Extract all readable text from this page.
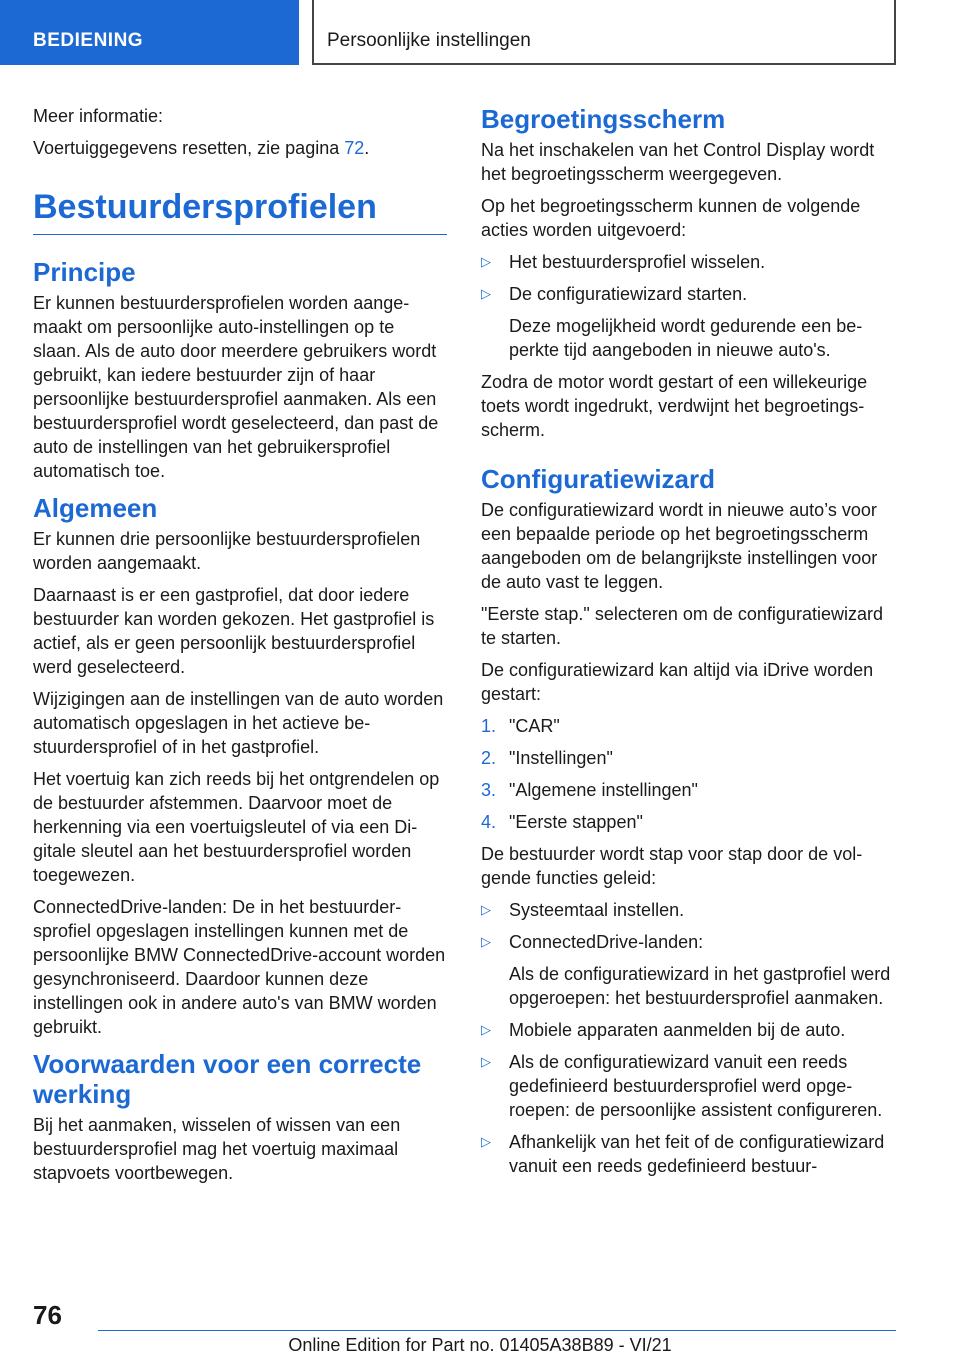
BEDIENING	Persoonlijke instellingen

Meer informatie:

Voertuiggegevens resetten, zie pagina 72.

Bestuurdersprofielen
Principe

Er kunnen bestuurdersprofielen worden aangemaakt om persoonlijke auto-instellingen op te slaan. Als de auto door meerdere gebruikers wordt gebruikt, kan iedere bestuurder zijn of haar persoonlijke bestuurdersprofiel aanmaken. Als een bestuurdersprofiel wordt geselecteerd, dan past de auto de instellingen van het gebruikersprofiel automatisch toe.

Algemeen

Er kunnen drie persoonlijke bestuurdersprofielen worden aangemaakt.

Daarnaast is er een gastprofiel, dat door iedere bestuurder kan worden gekozen. Het gastprofiel is actief, als er geen persoonlijk bestuurdersprofiel werd geselecteerd.

Wijzigingen aan de instellingen van de auto worden automatisch opgeslagen in het actieve bestuurdersprofiel of in het gastprofiel.

Het voertuig kan zich reeds bij het ontgrendelen op de bestuurder afstemmen. Daarvoor moet de herkenning via een voertuigsleutel of via een Digitale sleutel aan het bestuurdersprofiel worden toegewezen.

ConnectedDrive-landen: De in het bestuurdersprofiel opgeslagen instellingen kunnen met de persoonlijke BMW ConnectedDrive-account worden gesynchroniseerd. Daardoor kunnen deze instellingen ook in andere auto's van BMW worden gebruikt.

Voorwaarden voor een correcte werking

Bij het aanmaken, wisselen of wissen van een bestuurdersprofiel mag het voertuig maximaal stapvoets voortbewegen.

Begroetingsscherm

Na het inschakelen van het Control Display wordt het begroetingsscherm weergegeven.

Op het begroetingsscherm kunnen de volgende acties worden uitgevoerd:

▷ Het bestuurdersprofiel wisselen.
▷ De configuratiewizard starten.
Deze mogelijkheid wordt gedurende een beperkte tijd aangeboden in nieuwe auto's.

Zodra de motor wordt gestart of een willekeurige toets wordt ingedrukt, verdwijnt het begroetingsscherm.

Configuratiewizard

De configuratiewizard wordt in nieuwe auto’s voor een bepaalde periode op het begroetingsscherm aangeboden om de belangrijkste instellingen voor de auto vast te leggen.

"Eerste stap." selecteren om de configuratiewizard te starten.

De configuratiewizard kan altijd via iDrive worden gestart:

1. "CAR"
2. "Instellingen"
3. "Algemene instellingen"
4. "Eerste stappen"

De bestuurder wordt stap voor stap door de volgende functies geleid:

▷ Systeemtaal instellen.
▷ ConnectedDrive-landen:
Als de configuratiewizard in het gastprofiel werd opgeroepen: het bestuurdersprofiel aanmaken.
▷ Mobiele apparaten aanmelden bij de auto.
▷ Als de configuratiewizard vanuit een reeds gedefinieerd bestuurdersprofiel werd opgeroepen: de persoonlijke assistent configureren.
▷ Afhankelijk van het feit of de configuratiewizard vanuit een reeds gedefinieerd bestuur-
76
Online Edition for Part no. 01405A38B89 - VI/21
